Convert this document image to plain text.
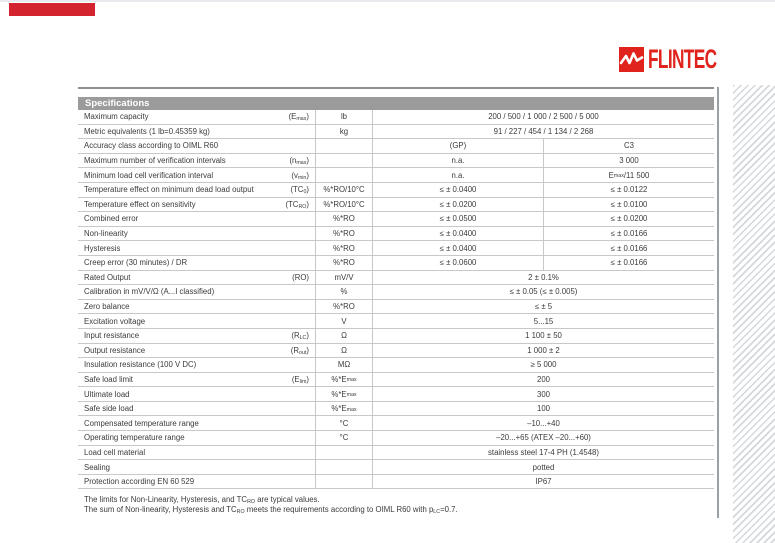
FLINTEC
Specifications
Maximum capacity	$(E_{max})$	lb	200 / 500 / 1 000 / 2 500 / 5 000
Metric equivalents (1 lb=0.45359 kg)	kg	91 / 227 / 454 / 1 134 / 2 268
Accuracy class according to OIML R60	(GP)	C3
Maximum number of verification intervals	$(n_{max})$	n.a.	3 000
Minimum load cell verification interval	$(v_{min})$	n.a.	$E_{max}$ /11 500
Temperature effect on minimum dead load output	$(TC_0)$	%*RO/10°C	≤ ± 0.0400	≤ ± 0.0122
Temperature effect on sensitivity	$(TC_{RO})$	%*RO/10°C	≤ ± 0.0200	≤ ± 0.0100
Combined error	%*RO	≤ ± 0.0500	≤ ± 0.0200
Non-linearity	%*RO	≤ ± 0.0400	≤ ± 0.0166
Hysteresis	%*RO	≤ ± 0.0400	≤ ± 0.0166
Creep error (30 minutes) / DR	%*RO	≤ ± 0.0600	≤ ± 0.0166
Rated Output	(RO)	mV/V	2 ± 0.1%
Calibration in mV/V/Ω (A...I classified)	%	≤ ± 0.05 (≤ ± 0.005)
Zero balance	%*RO	≤ ± 5
Excitation voltage	V	5...15
Input resistance	$(R_{LC})$	Ω	1 100 ± 50
Output resistance	$(R_{out})$	Ω	1 000 ± 2
Insulation resistance (100 V DC)	MΩ	≥ 5 000
Safe load limit	$(E_{lim})$	$\%*E_{max}$	200
Ultimate load	$\%*E_{max}$	300
Safe side load	$\%*E_{max}$	100
Compensated temperature range	°C	–10...+40
Operating temperature range	°C	–20...+65 (ATEX –20...+60)
Load cell material	stainless steel 17-4 PH (1.4548)
Sealing	potted
Protection according EN 60 529	IP67
The limits for Non-Linearity, Hysteresis, and $TC_{RO}$ are typical values.
The sum of Non-linearity, Hysteresis and $TC_{RO}$ meets the requirements according to OIML R60 with $p_{LC}=0.7$.
